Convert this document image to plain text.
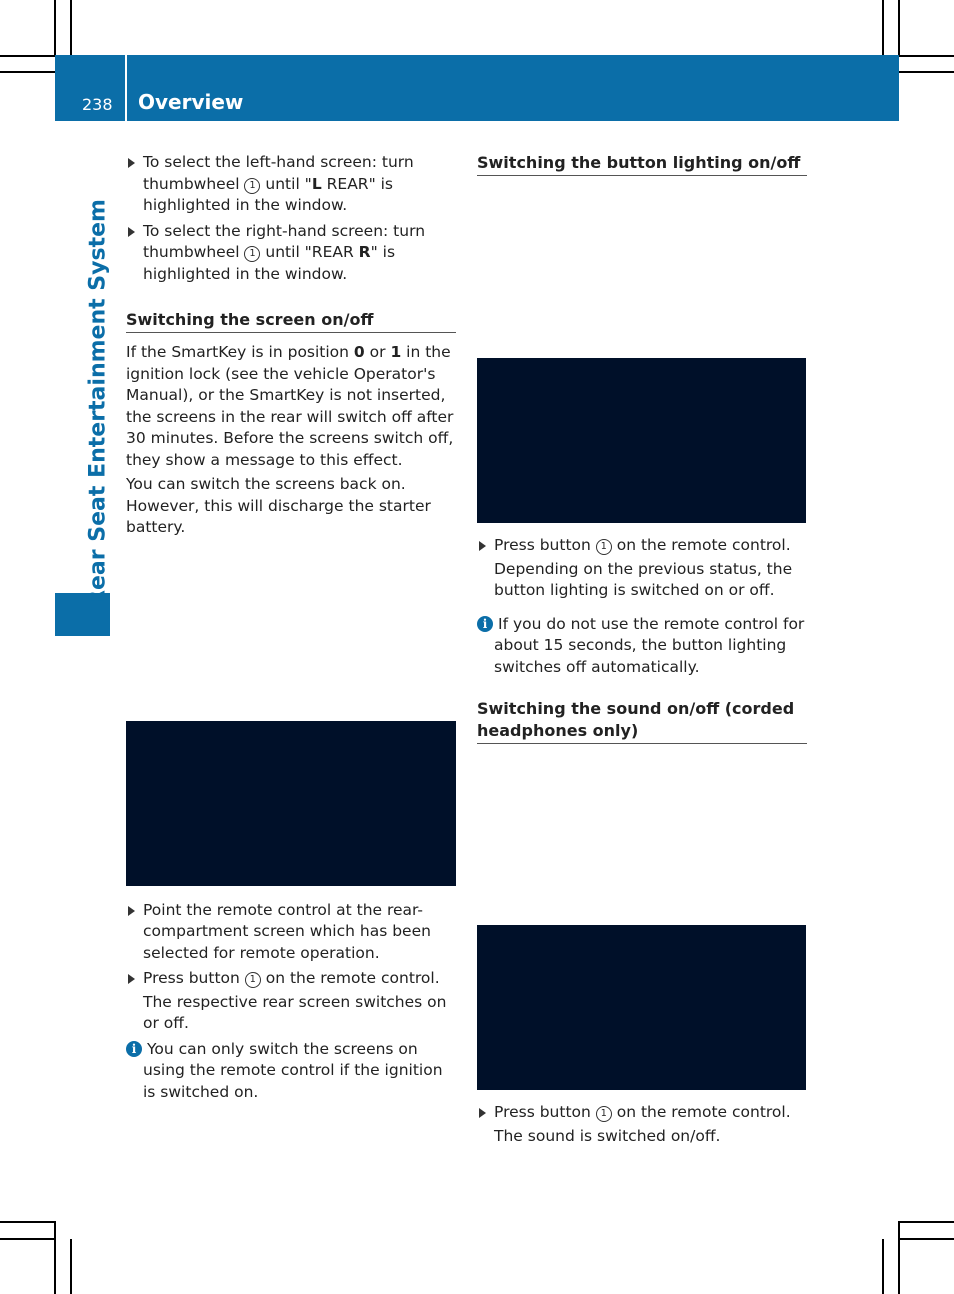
238 Overview
Rear Seat Entertainment System
To select the left-hand screen: turn thumbwheel 1 until "L REAR" is highlighted in the window.
To select the right-hand screen: turn thumbwheel 1 until "REAR R" is highlighted in the window.
Switching the screen on/off

If the SmartKey is in position 0 or 1 in the ignition lock (see the vehicle Operator's Manual), or the SmartKey is not inserted, the screens in the rear will switch off after 30 minutes. Before the screens switch off, they show a message to this effect.

You can switch the screens back on. However, this will discharge the starter battery.

Point the remote control at the rear-compartment screen which has been selected for remote operation.
Press button 1 on the remote control.
The respective rear screen switches on or off.
i You can only switch the screens on using the remote control if the ignition is switched on.
Switching the button lighting on/off
Press button 1 on the remote control.
Depending on the previous status, the button lighting is switched on or off.
i If you do not use the remote control for about 15 seconds, the button lighting switches off automatically.
Switching the sound on/off (corded headphones only)
Press button 1 on the remote control.
The sound is switched on/off.
